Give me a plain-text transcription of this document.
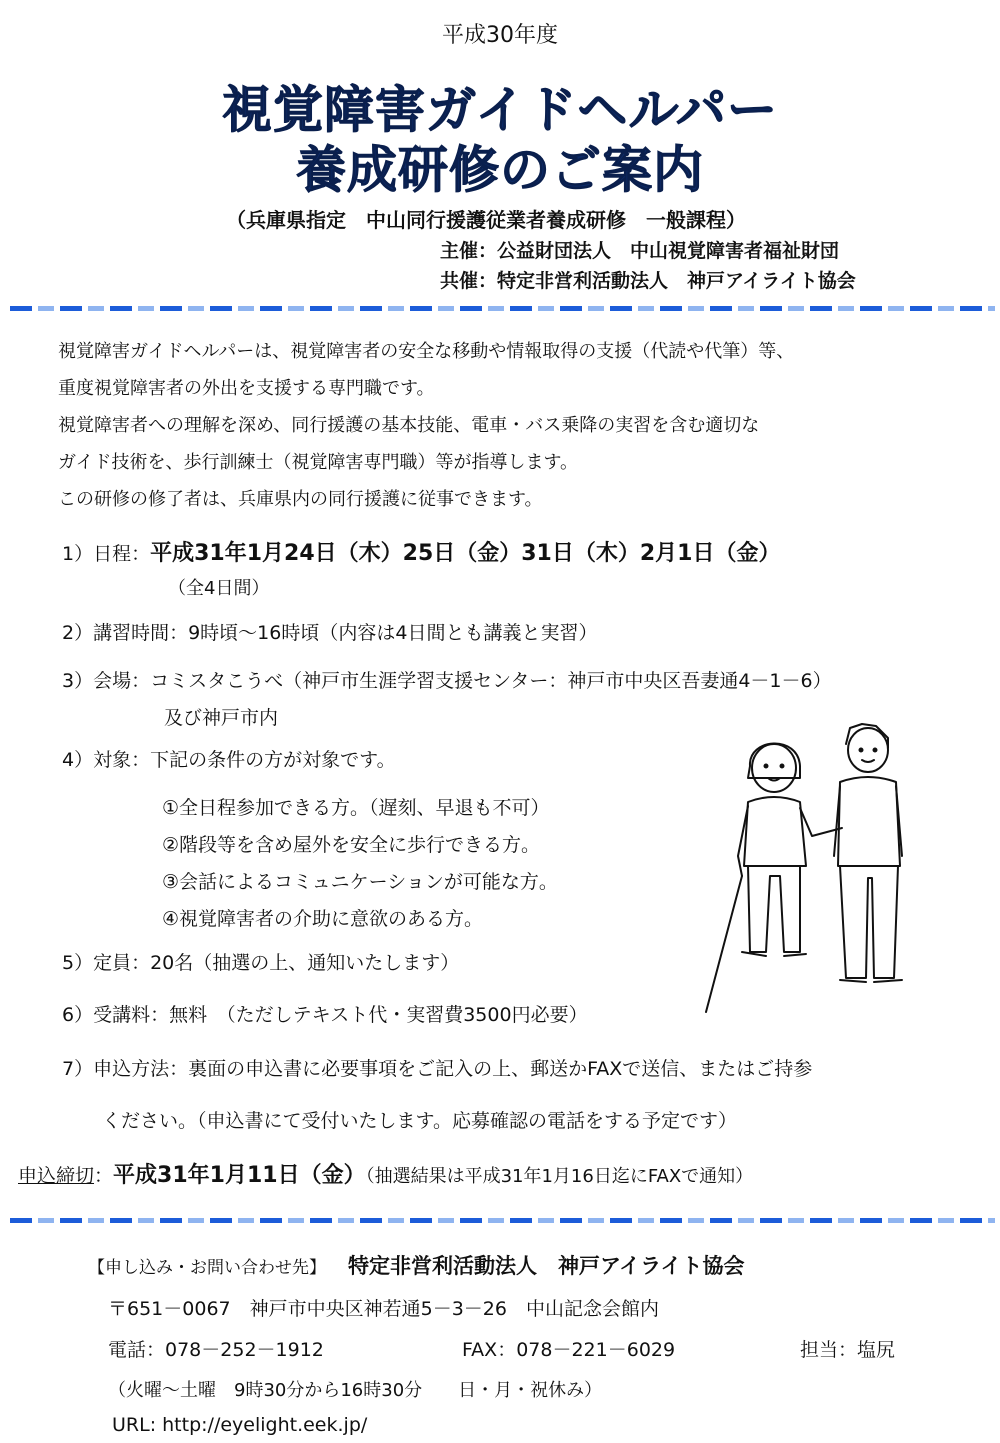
平成30年度
視覚障害ガイドヘルパー
養成研修のご案内
（兵庫県指定　中山同行援護従業者養成研修　一般課程）
主催：公益財団法人　中山視覚障害者福祉財団
共催：特定非営利活動法人　神戸アイライト協会
視覚障害ガイドヘルパーは、視覚障害者の安全な移動や情報取得の支援（代読や代筆）等、
重度視覚障害者の外出を支援する専門職です。
視覚障害者への理解を深め、同行援護の基本技能、電車・バス乗降の実習を含む適切な
ガイド技術を、歩行訓練士（視覚障害専門職）等が指導します。
この研修の修了者は、兵庫県内の同行援護に従事できます。
1）日程：平成31年1月24日（木）25日（金）31日（木）2月1日（金）
（全4日間）
2）講習時間：9時頃～16時頃（内容は4日間とも講義と実習）
3）会場：コミスタこうべ（神戸市生涯学習支援センター：神戸市中央区吾妻通4－1－6）
及び神戸市内
4）対象：下記の条件の方が対象です。
①全日程参加できる方。（遅刻、早退も不可）
②階段等を含め屋外を安全に歩行できる方。
③会話によるコミュニケーションが可能な方。
④視覚障害者の介助に意欲のある方。
5）定員：20名（抽選の上、通知いたします）
6）受講料：無料　（ただしテキスト代・実習費3500円必要）
7）申込方法：裏面の申込書に必要事項をご記入の上、郵送かFAXで送信、またはご持参
ください。（申込書にて受付いたします。応募確認の電話をする予定です）
申込締切：平成31年1月11日（金）（抽選結果は平成31年1月16日迄にFAXで通知）
【申し込み・お問い合わせ先】 特定非営利活動法人　神戸アイライト協会
〒651－0067　神戸市中央区神若通5－3－26　中山記念会館内
電話：078－252－1912	FAX：078－221－6029	担当：塩尻
（火曜～土曜　9時30分から16時30分　　日・月・祝休み）
URL: http://eyelight.eek.jp/
